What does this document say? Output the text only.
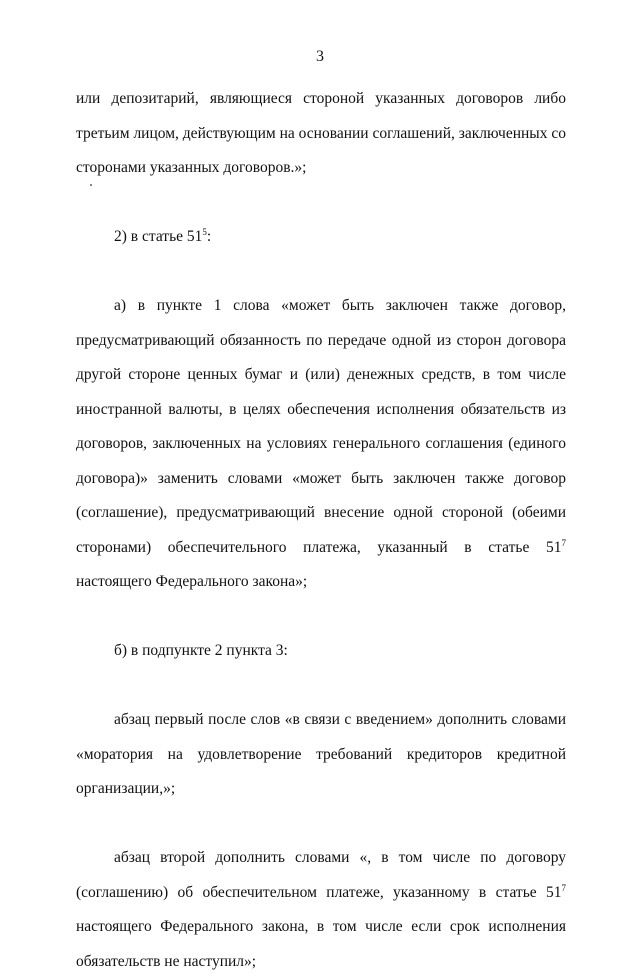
3

или депозитарий, являющиеся стороной указанных договоров либо третьим лицом, действующим на основании соглашений, заключенных со сторонами указанных договоров.»;

2) в статье $51^5$:

а) в пункте 1 слова «может быть заключен также договор, предусматривающий обязанность по передаче одной из сторон договора другой стороне ценных бумаг и (или) денежных средств, в том числе иностранной валюты, в целях обеспечения исполнения обязательств из договоров, заключенных на условиях генерального соглашения (единого договора)» заменить словами «может быть заключен также договор (соглашение), предусматривающий внесение одной стороной (обеими сторонами) обеспечительного платежа, указанный в статье $51^7$ настоящего Федерального закона»;

б) в подпункте 2 пункта 3:

абзац первый после слов «в связи с введением» дополнить словами «моратория на удовлетворение требований кредиторов кредитной организации,»;

абзац второй дополнить словами «, в том числе по договору (соглашению) об обеспечительном платеже, указанному в статье $51^7$ настоящего Федерального закона, в том числе если срок исполнения обязательств не наступил»;
